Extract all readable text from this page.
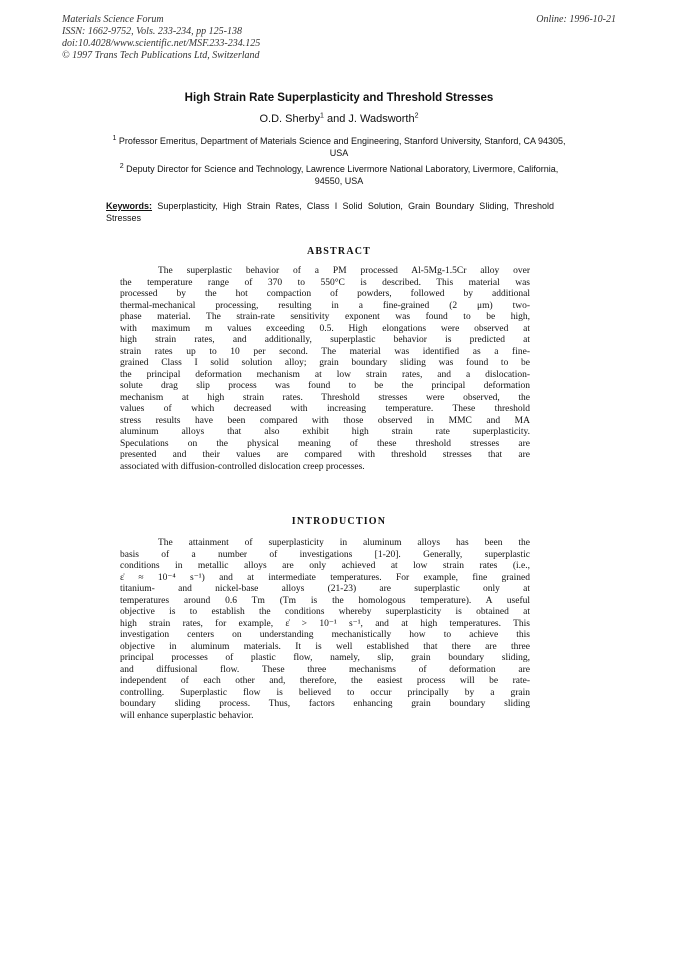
Materials Science Forum
ISSN: 1662-9752, Vols. 233-234, pp 125-138
doi:10.4028/www.scientific.net/MSF.233-234.125
© 1997 Trans Tech Publications Ltd, Switzerland
Online: 1996-10-21
High Strain Rate Superplasticity and Threshold Stresses
O.D. Sherby$^1$ and J. Wadsworth$^2$
$^1$ Professor Emeritus, Department of Materials Science and Engineering, Stanford University, Stanford, CA 94305, USA
$^2$ Deputy Director for Science and Technology, Lawrence Livermore National Laboratory, Livermore, California, 94550, USA
Keywords: Superplasticity, High Strain Rates, Class I Solid Solution, Grain Boundary Sliding, Threshold Stresses
ABSTRACT
The superplastic behavior of a PM processed Al-5Mg-1.5Cr alloy over
the temperature range of 370 to 550°C is described. This material was
processed by the hot compaction of powders, followed by additional
thermal-mechanical processing, resulting in a fine-grained (2 μm) two-
phase material. The strain-rate sensitivity exponent was found to be high,
with maximum m values exceeding 0.5. High elongations were observed at
high strain rates, and additionally, superplastic behavior is predicted at
strain rates up to 10 per second. The material was identified as a fine-
grained Class I solid solution alloy; grain boundary sliding was found to be
the principal deformation mechanism at low strain rates, and a dislocation-
solute drag slip process was found to be the principal deformation
mechanism at high strain rates. Threshold stresses were observed, the
values of which decreased with increasing temperature. These threshold
stress results have been compared with those observed in MMC and MA
aluminum alloys that also exhibit high strain rate superplasticity.
Speculations on the physical meaning of these threshold stresses are
presented and their values are compared with threshold stresses that are
associated with diffusion-controlled dislocation creep processes.
INTRODUCTION
The attainment of superplasticity in aluminum alloys has been the
basis of a number of investigations [1-20]. Generally, superplastic
conditions in metallic alloys are only achieved at low strain rates (i.e.,
ε̇ ≈ 10⁻⁴ s⁻¹) and at intermediate temperatures. For example, fine grained
titanium- and nickel-base alloys (21-23) are superplastic only at
temperatures around 0.6 Tm (Tm is the homologous temperature). A useful
objective is to establish the conditions whereby superplasticity is obtained at
high strain rates, for example, ε̇ > 10⁻¹ s⁻¹, and at high temperatures. This
investigation centers on understanding mechanistically how to achieve this
objective in aluminum materials. It is well established that there are three
principal processes of plastic flow, namely, slip, grain boundary sliding,
and diffusional flow. These three mechanisms of deformation are
independent of each other and, therefore, the easiest process will be rate-
controlling. Superplastic flow is believed to occur principally by a grain
boundary sliding process. Thus, factors enhancing grain boundary sliding
will enhance superplastic behavior.
